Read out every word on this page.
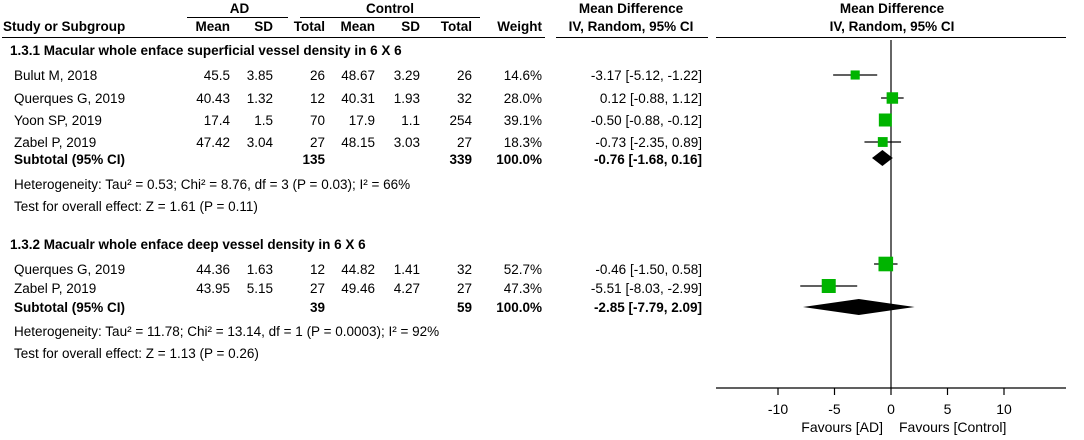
AD	Control	Mean Difference	Mean Difference
Study or Subgroup	Mean	SD	Total	Mean	SD	Total	Weight	IV, Random, 95% CI	IV, Random, 95% CI
1.3.1 Macular whole enface superficial vessel density in 6 X 6
Bulut M, 2018	45.5	3.85	26	48.67	3.29	26	14.6%	-3.17 [-5.12, -1.22]
Querques G, 2019	40.43	1.32	12	40.31	1.93	32	28.0%	0.12 [-0.88, 1.12]
Yoon SP, 2019	17.4	1.5	70	17.9	1.1	254	39.1%	-0.50 [-0.88, -0.12]
Zabel P, 2019	47.42	3.04	27	48.15	3.03	27	18.3%	-0.73 [-2.35, 0.89]
Subtotal (95% CI)	135	339	100.0%	-0.76 [-1.68, 0.16]
Heterogeneity: Tau² = 0.53; Chi² = 8.76, df = 3 (P = 0.03); I² = 66%
Test for overall effect: Z = 1.61 (P = 0.11)
1.3.2 Macualr whole enface deep vessel density in 6 X 6
Querques G, 2019	44.36	1.63	12	44.82	1.41	32	52.7%	-0.46 [-1.50, 0.58]
Zabel P, 2019	43.95	5.15	27	49.46	4.27	27	47.3%	-5.51 [-8.03, -2.99]
Subtotal (95% CI)	39	59	100.0%	-2.85 [-7.79, 2.09]
Heterogeneity: Tau² = 11.78; Chi² = 13.14, df = 1 (P = 0.0003); I² = 92%
Test for overall effect: Z = 1.13 (P = 0.26)
-10	-5	0	5	10
Favours [AD] Favours [Control]
